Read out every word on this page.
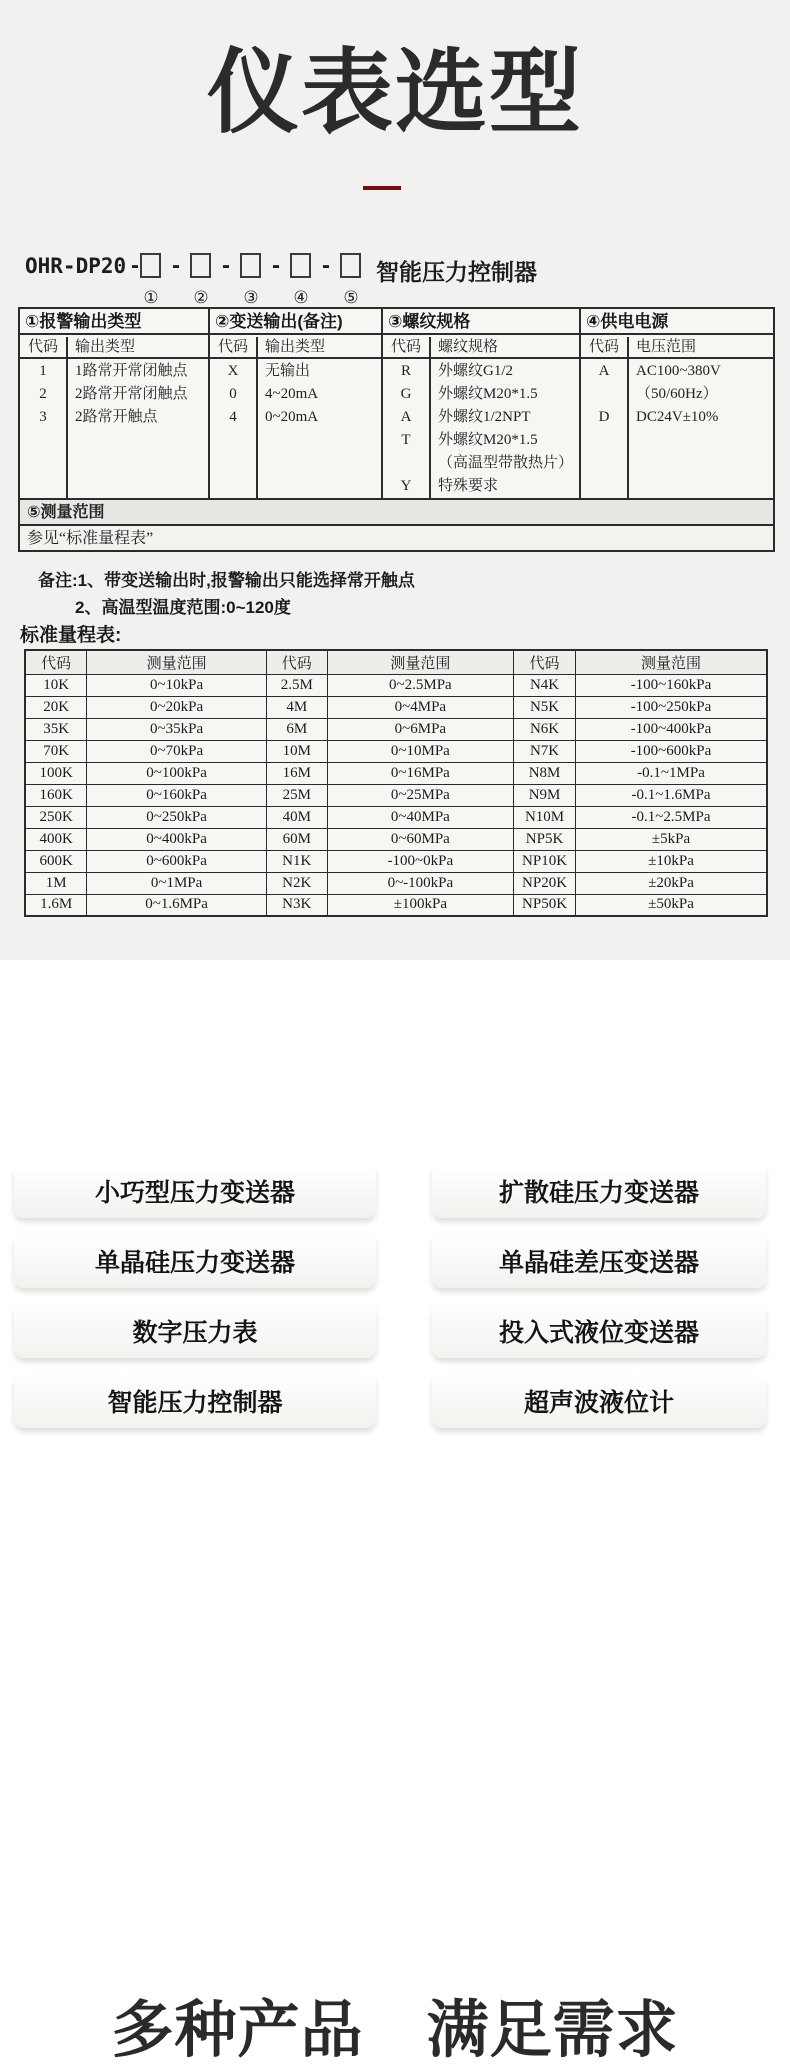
仪表选型
OHR-DP20 - - - - - 智能压力控制器
① ② ③ ④ ⑤
①报警输出类型
代码	输出类型
1	1路常开常闭触点
2	2路常开常闭触点
3	2路常开触点
②变送输出(备注)
代码	输出类型
X	无输出
0	4~20mA
4	0~20mA
③螺纹规格
代码	螺纹规格
R	外螺纹G1/2
G	外螺纹M20*1.5
A	外螺纹1/2NPT
T	外螺纹M20*1.5
（高温型带散热片）
Y	特殊要求
④供电电源
代码	电压范围
A	AC100~380V
（50/60Hz）
D	DC24V±10%
⑤测量范围
参见“标准量程表”
备注:1、带变送输出时,报警输出只能选择常开触点
2、高温型温度范围:0~120度
标准量程表:
代码	测量范围	代码	测量范围	代码	测量范围
10K	0~10kPa	2.5M	0~2.5MPa	N4K	-100~160kPa
20K	0~20kPa	4M	0~4MPa	N5K	-100~250kPa
35K	0~35kPa	6M	0~6MPa	N6K	-100~400kPa
70K	0~70kPa	10M	0~10MPa	N7K	-100~600kPa
100K	0~100kPa	16M	0~16MPa	N8M	-0.1~1MPa
160K	0~160kPa	25M	0~25MPa	N9M	-0.1~1.6MPa
250K	0~250kPa	40M	0~40MPa	N10M	-0.1~2.5MPa
400K	0~400kPa	60M	0~60MPa	NP5K	±5kPa
600K	0~600kPa	N1K	-100~0kPa	NP10K	±10kPa
1M	0~1MPa	N2K	0~-100kPa	NP20K	±20kPa
1.6M	0~1.6MPa	N3K	±100kPa	NP50K	±50kPa
多种产品　满足需求
小巧型压力变送器	扩散硅压力变送器
单晶硅压力变送器	单晶硅差压变送器
数字压力表	投入式液位变送器
智能压力控制器	超声波液位计
